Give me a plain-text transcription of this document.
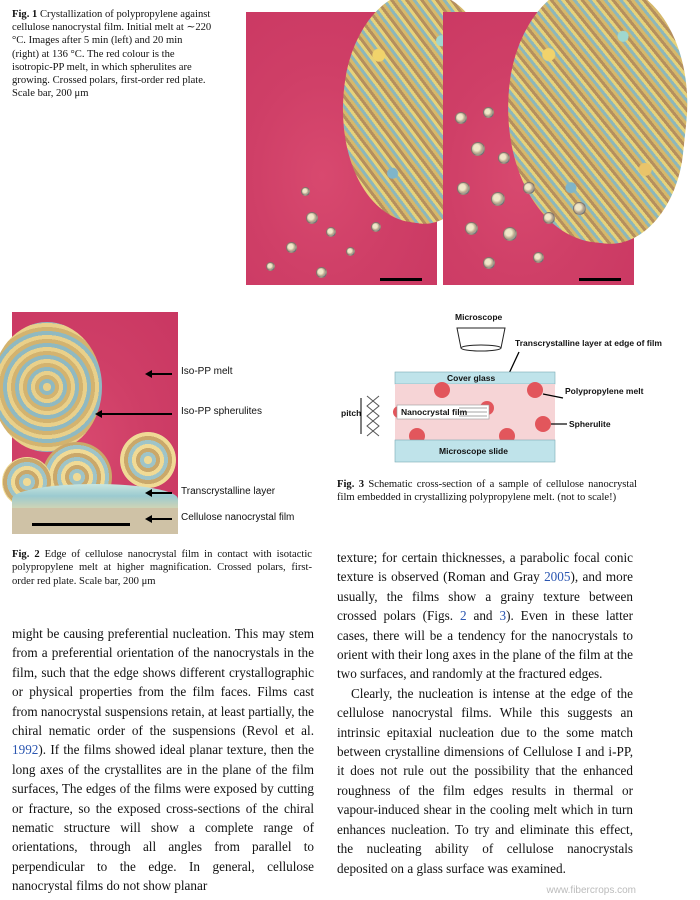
Fig. 1 Crystallization of polypropylene against cellulose nanocrystal film. Initial melt at ∼220 °C. Images after 5 min (left) and 20 min (right) at 136 °C. The red colour is the isotropic-PP melt, in which spherulites are growing. Crossed polars, first-order red plate. Scale bar, 200 μm
Iso-PP melt
Iso-PP spherulites
Transcrystalline layer
Cellulose nanocrystal film
Microscope
Transcrystalline layer at edge of film
Cover glass
Nanocrystal film
Microscope slide
Polypropylene melt
Spherulite
pitch
Fig. 3 Schematic cross-section of a sample of cellulose nanocrystal film embedded in crystallizing polypropylene melt. (not to scale!)
Fig. 2 Edge of cellulose nanocrystal film in contact with isotactic polypropylene melt at higher magnification. Crossed polars, first-order red plate. Scale bar, 200 μm

might be causing preferential nucleation. This may stem from a preferential orientation of the nanocrystals in the film, such that the edge shows different crystallographic or physical properties from the film faces. Films cast from nanocrystal suspensions retain, at least partially, the chiral nematic order of the suspensions (Revol et al. 1992). If the films showed ideal planar texture, then the long axes of the crystallites are in the plane of the film surfaces, The edges of the films were exposed by cutting or fracture, so the exposed cross-sections of the chiral nematic structure will show a complete range of orientations, through all angles from parallel to perpendicular to the edge. In general, cellulose nanocrystal films do not show planar

texture; for certain thicknesses, a parabolic focal conic texture is observed (Roman and Gray 2005), and more usually, the films show a grainy texture between crossed polars (Figs. 2 and 3). Even in these latter cases, there will be a tendency for the nanocrystals to orient with their long axes in the plane of the film at the two surfaces, and randomly at the fractured edges.

Clearly, the nucleation is intense at the edge of the cellulose nanocrystal films. While this suggests an intrinsic epitaxial nucleation due to the some match between crystalline dimensions of Cellulose I and i-PP, it does not rule out the possibility that the enhanced roughness of the film edges results in thermal or vapour-induced shear in the cooling melt which in turn enhances nucleation. To try and eliminate this effect, the nucleating ability of cellulose nanocrystals deposited on a glass surface was examined.

www.fibercrops.com
